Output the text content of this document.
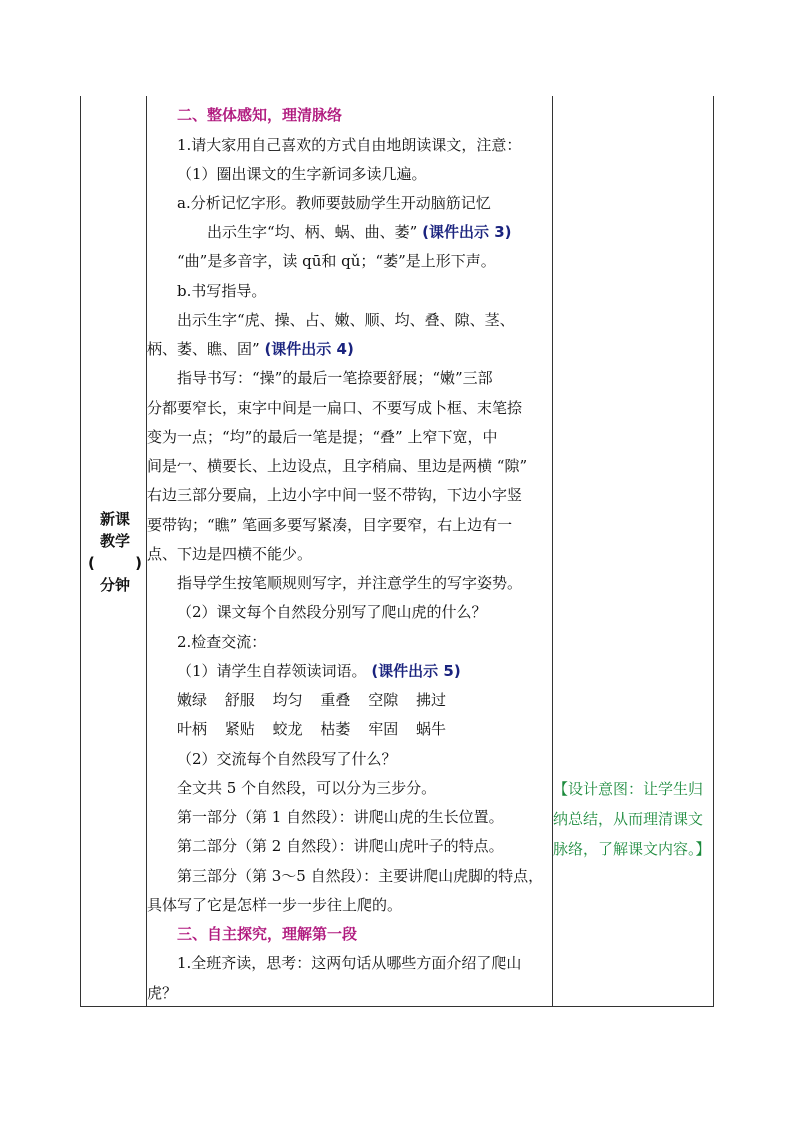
新课
教学
(	)
分钟
二、整体感知，理清脉络
1.请大家用自己喜欢的方式自由地朗读课文，注意：
（1）圈出课文的生字新词多读几遍。
a.分析记忆字形。教师要鼓励学生开动脑筋记忆
出示生字“均、柄、蜗、曲、萎” (课件出示 3)
“曲”是多音字，读 qū和 qǔ；“萎”是上形下声。
b.书写指导。
出示生字“虎、操、占、嫩、顺、均、叠、隙、茎、
柄、萎、瞧、固” (课件出示 4)
指导书写：“操”的最后一笔捺要舒展；“嫩”三部
分都要窄长，束字中间是一扁口、不要写成卜框、末笔捺
变为一点；“均”的最后一笔是提；“叠” 上窄下宽，中
间是冖、横要长、上边设点，且字稍扁、里边是两横 “隙”
右边三部分要扁，上边小字中间一竖不带钩，下边小字竖
要带钩；“瞧” 笔画多要写紧凑，目字要窄，右上边有一
点、下边是四横不能少。
指导学生按笔顺规则写字，并注意学生的写字姿势。
（2）课文每个自然段分别写了爬山虎的什么？
2.检查交流：
（1）请学生自荐领读词语。 (课件出示 5)
嫩绿 舒服 均匀 重叠 空隙 拂过
叶柄 紧贴 蛟龙 枯萎 牢固 蜗牛
（2）交流每个自然段写了什么？
全文共 5 个自然段，可以分为三步分。
第一部分（第 1 自然段）：讲爬山虎的生长位置。
第二部分（第 2 自然段）：讲爬山虎叶子的特点。
第三部分（第 3～5 自然段）：主要讲爬山虎脚的特点，
具体写了它是怎样一步一步往上爬的。
三、自主探究，理解第一段
1.全班齐读，思考：这两句话从哪些方面介绍了爬山
虎？
【设计意图：让学生归
纳总结，从而理清课文
脉络，了解课文内容。】
